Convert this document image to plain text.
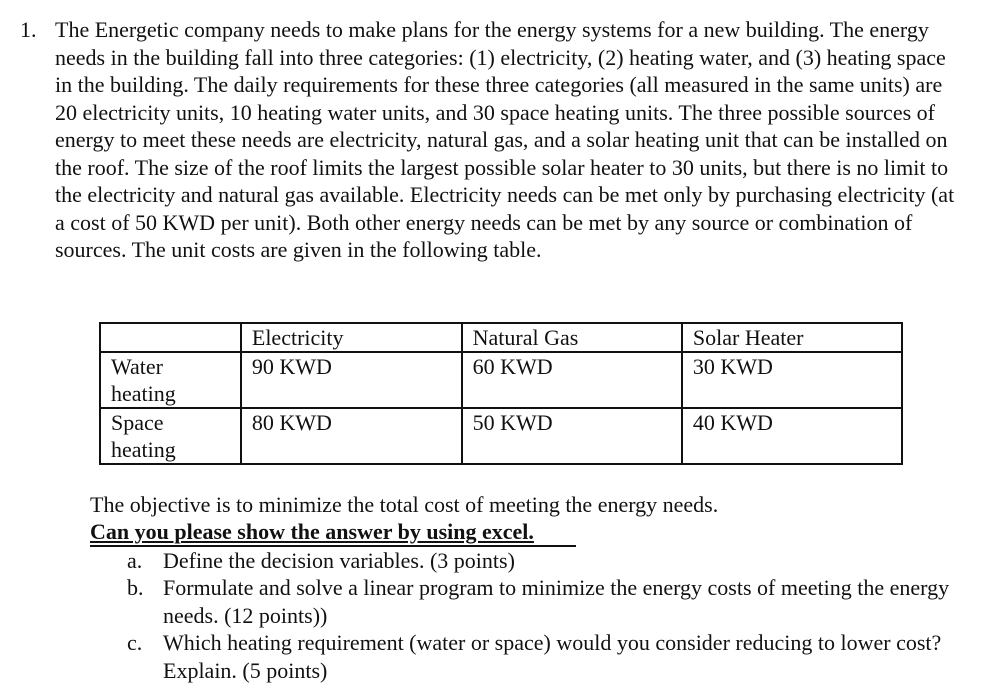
1. The Energetic company needs to make plans for the energy systems for a new building. The energy needs in the building fall into three categories: (1) electricity, (2) heating water, and (3) heating space in the building. The daily requirements for these three categories (all measured in the same units) are 20 electricity units, 10 heating water units, and 30 space heating units. The three possible sources of energy to meet these needs are electricity, natural gas, and a solar heating unit that can be installed on the roof. The size of the roof limits the largest possible solar heater to 30 units, but there is no limit to the electricity and natural gas available. Electricity needs can be met only by purchasing electricity (at a cost of 50 KWD per unit). Both other energy needs can be met by any source or combination of sources. The unit costs are given in the following table.
	Electricity	Natural Gas	Solar Heater
Water heating	90 KWD	60 KWD	30 KWD
Space heating	80 KWD	50 KWD	40 KWD
The objective is to minimize the total cost of meeting the energy needs.
Can you please show the answer by using excel.
a. Define the decision variables. (3 points)
b. Formulate and solve a linear program to minimize the energy costs of meeting the energy needs. (12 points))
c. Which heating requirement (water or space) would you consider reducing to lower cost? Explain. (5 points)
